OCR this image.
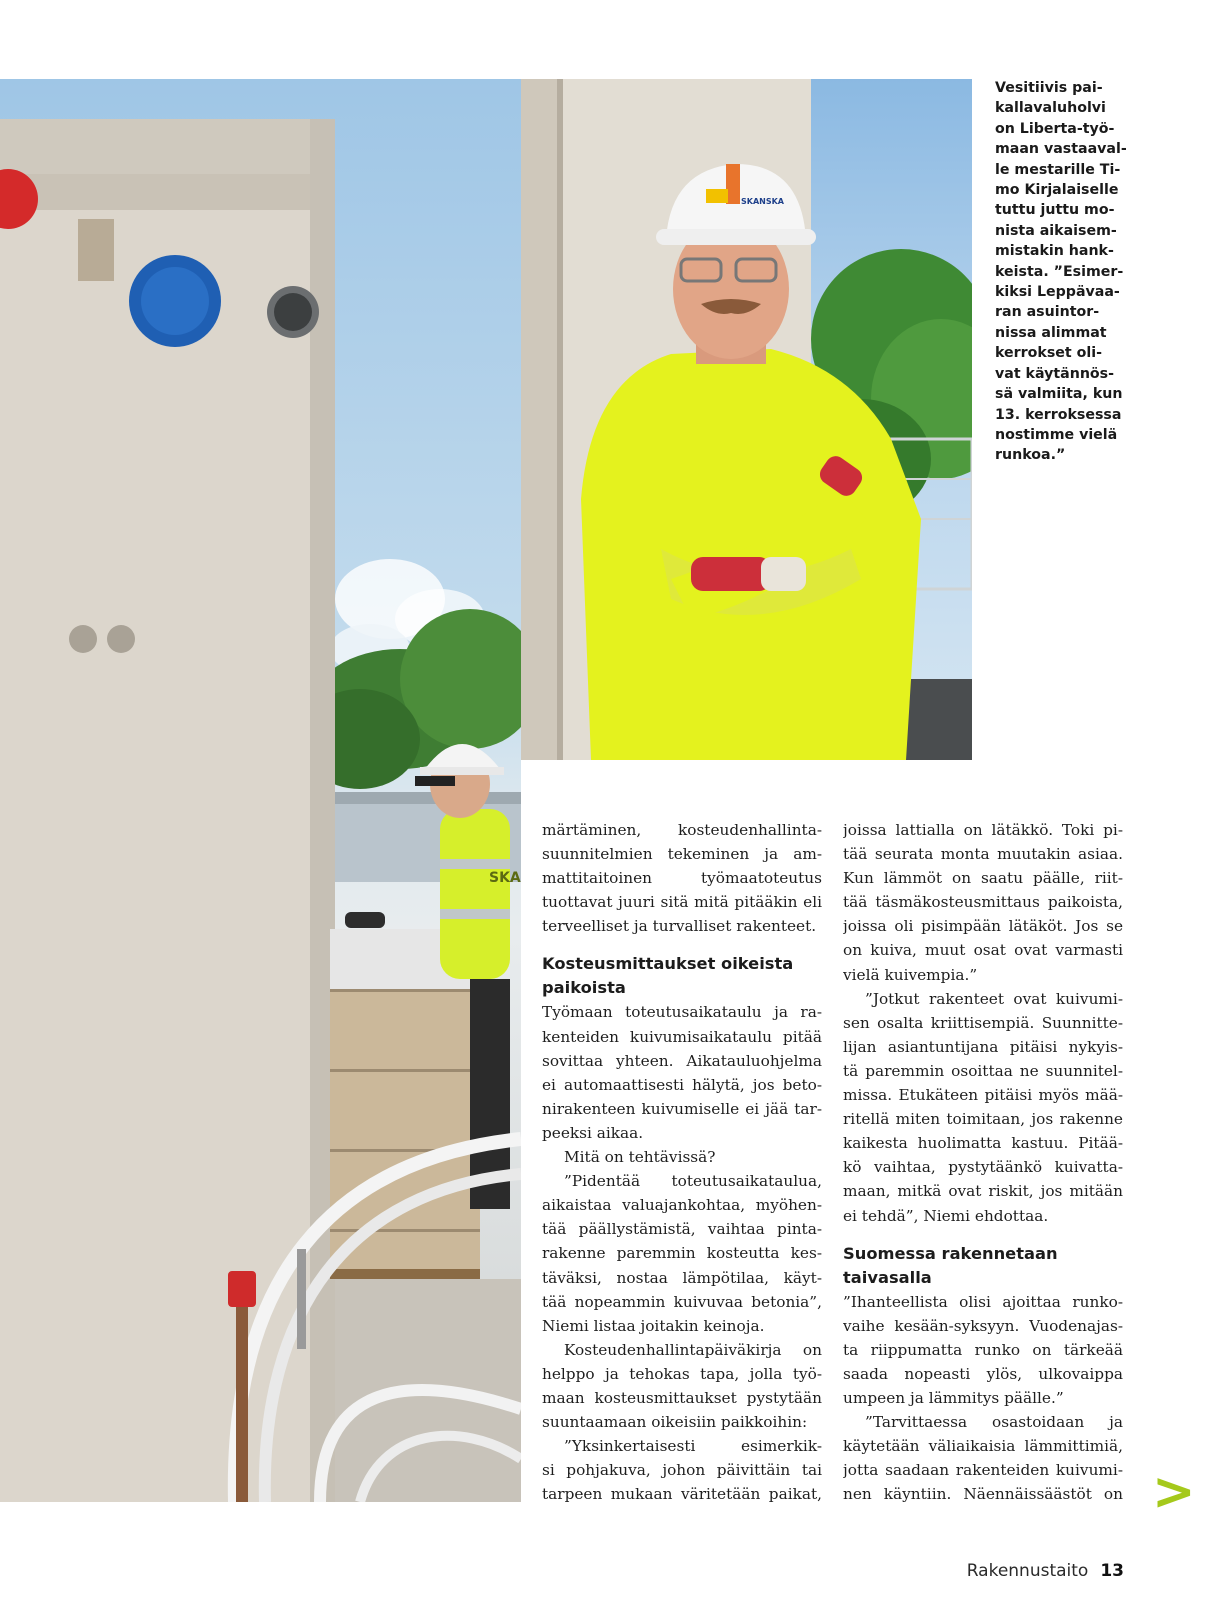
SKA
SKANSKA
Vesitiivis pai-
kallavaluholvi
on Liberta-työ-
maan vastaaval-
le mestarille Ti-
mo Kirjalaiselle
tuttu juttu mo-
nista aikaisem-
mistakin hank-
keista. ”Esimer-
kiksi Leppävaa-
ran asuintor-
nissa alimmat
kerrokset oli-
vat käytännös-
sä valmiita, kun
13. kerroksessa
nostimme vielä
runkoa.”
märtäminen, kosteudenhallinta-
suunnitelmien tekeminen ja am-
mattitaitoinen työmaatoteutus
tuottavat juuri sitä mitä pitääkin eli
terveelliset ja turvalliset rakenteet.
Kosteusmittaukset oikeista
paikoista
Työmaan toteutusaikataulu ja ra-
kenteiden kuivumisaikataulu pitää
sovittaa yhteen. Aikatauluohjelma
ei automaattisesti hälytä, jos beto-
nirakenteen kuivumiselle ei jää tar-
peeksi aikaa.
Mitä on tehtävissä?
”Pidentää toteutusaikataulua,
aikaistaa valuajankohtaa, myöhen-
tää päällystämistä, vaihtaa pinta-
rakenne paremmin kosteutta kes-
täväksi, nostaa lämpötilaa, käyt-
tää nopeammin kuivuvaa betonia”,
Niemi listaa joitakin keinoja.
Kosteudenhallintapäiväkirja on
helppo ja tehokas tapa, jolla työ-
maan kosteusmittaukset pystytään
suuntaamaan oikeisiin paikkoihin:
”Yksinkertaisesti esimerkik-
si pohjakuva, johon päivittäin tai
tarpeen mukaan väritetään paikat,
joissa lattialla on lätäkkö. Toki pi-
tää seurata monta muutakin asiaa.
Kun lämmöt on saatu päälle, riit-
tää täsmäkosteusmittaus paikoista,
joissa oli pisimpään lätäköt. Jos se
on kuiva, muut osat ovat varmasti
vielä kuivempia.”
”Jotkut rakenteet ovat kuivumi-
sen osalta kriittisempiä. Suunnitte-
lijan asiantuntijana pitäisi nykyis-
tä paremmin osoittaa ne suunnitel-
missa. Etukäteen pitäisi myös mää-
ritellä miten toimitaan, jos rakenne
kaikesta huolimatta kastuu. Pitää-
kö vaihtaa, pystytäänkö kuivatta-
maan, mitkä ovat riskit, jos mitään
ei tehdä”, Niemi ehdottaa.
Suomessa rakennetaan
taivasalla
”Ihanteellista olisi ajoittaa runko-
vaihe kesään-syksyyn. Vuodenajas-
ta riippumatta runko on tärkeää
saada nopeasti ylös, ulkovaippa
umpeen ja lämmitys päälle.”
”Tarvittaessa osastoidaan ja
käytetään väliaikaisia lämmittimiä,
jotta saadaan rakenteiden kuivumi-
nen käyntiin. Näennäissäästöt on >
Rakennustaito 13
